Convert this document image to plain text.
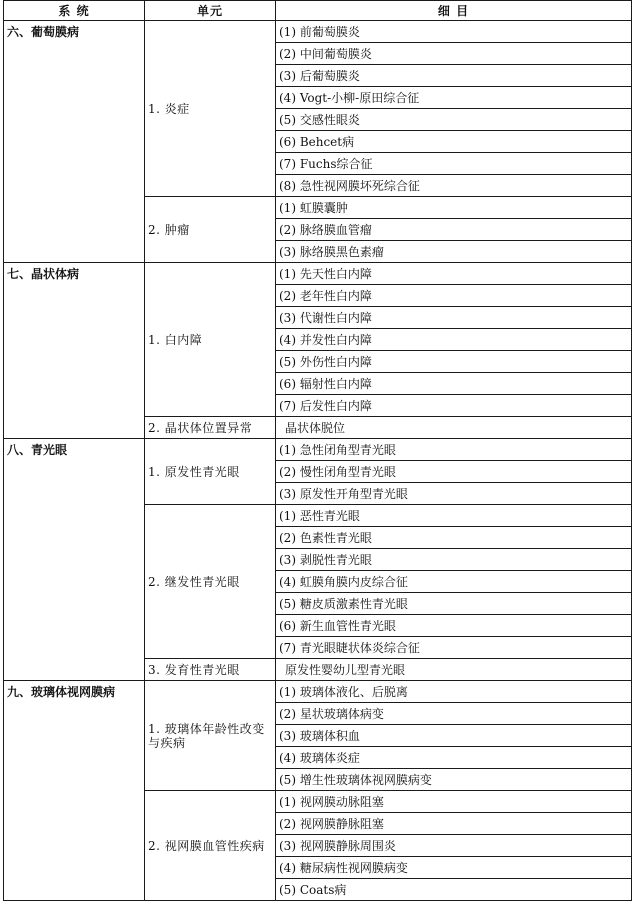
系 统	单元	细 目
六、葡萄膜病	1. 炎症	(1) 前葡萄膜炎
		(2) 中间葡萄膜炎
		(3) 后葡萄膜炎
		(4) Vogt-小柳-原田综合征
		(5) 交感性眼炎
		(6) Behcet病
		(7) Fuchs综合征
		(8) 急性视网膜坏死综合征
	2. 肿瘤	(1) 虹膜囊肿
		(2) 脉络膜血管瘤
		(3) 脉络膜黑色素瘤
七、晶状体病	1. 白内障	(1) 先天性白内障
		(2) 老年性白内障
		(3) 代谢性白内障
		(4) 并发性白内障
		(5) 外伤性白内障
		(6) 辐射性白内障
		(7) 后发性白内障
	2. 晶状体位置异常	晶状体脱位
八、青光眼	1. 原发性青光眼	(1) 急性闭角型青光眼
		(2) 慢性闭角型青光眼
		(3) 原发性开角型青光眼
	2. 继发性青光眼	(1) 恶性青光眼
		(2) 色素性青光眼
		(3) 剥脱性青光眼
		(4) 虹膜角膜内皮综合征
		(5) 糖皮质激素性青光眼
		(6) 新生血管性青光眼
		(7) 青光眼睫状体炎综合征
	3. 发育性青光眼	原发性婴幼儿型青光眼
九、玻璃体视网膜病	1. 玻璃体年龄性改变与疾病	(1) 玻璃体液化、后脱离
		(2) 星状玻璃体病变
		(3) 玻璃体积血
		(4) 玻璃体炎症
		(5) 增生性玻璃体视网膜病变
	2. 视网膜血管性疾病	(1) 视网膜动脉阻塞
		(2) 视网膜静脉阻塞
		(3) 视网膜静脉周围炎
		(4) 糖尿病性视网膜病变
		(5) Coats病
